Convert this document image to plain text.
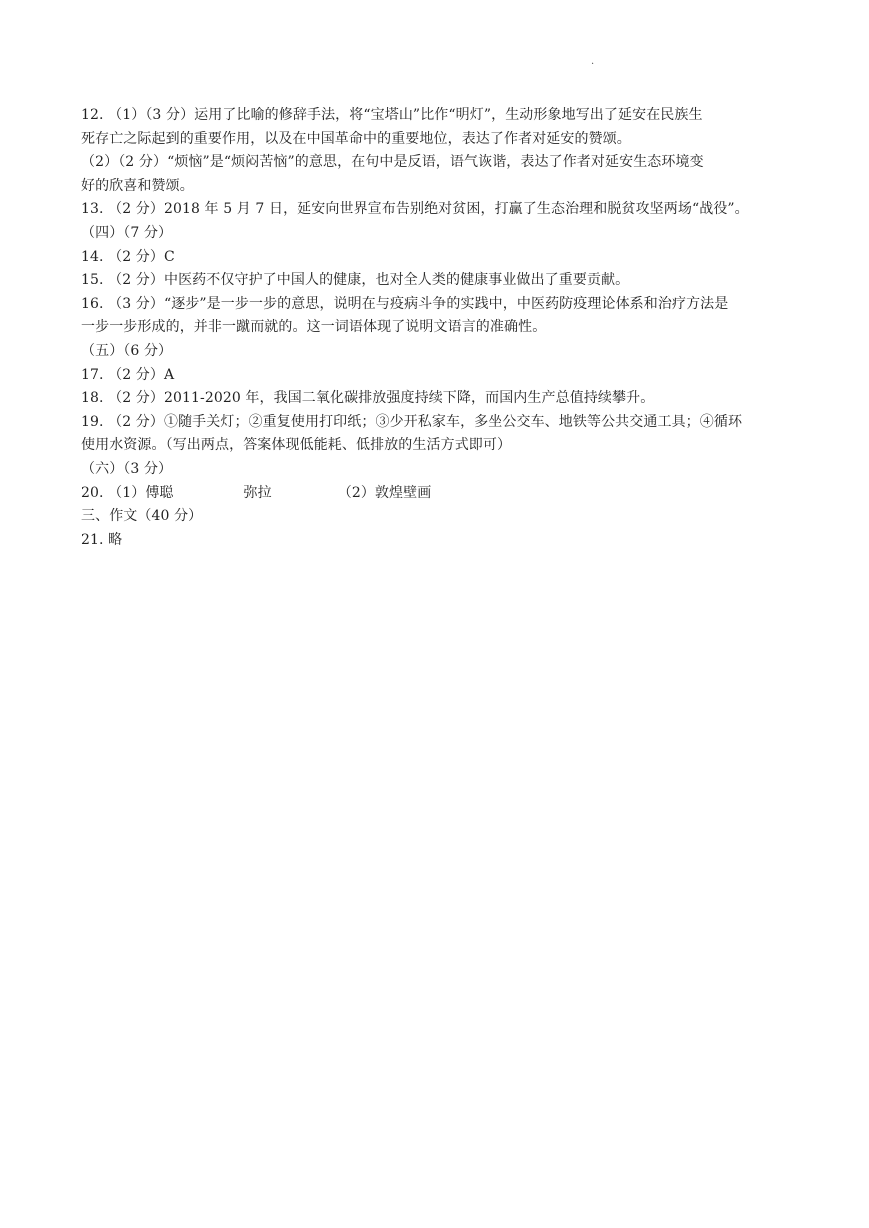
.
12. （1）（3 分）运用了比喻的修辞手法，将“宝塔山”比作“明灯”，生动形象地写出了延安在民族生
死存亡之际起到的重要作用，以及在中国革命中的重要地位，表达了作者对延安的赞颂。
（2）（2 分）“烦恼”是“烦闷苦恼”的意思，在句中是反语，语气诙谐，表达了作者对延安生态环境变
好的欣喜和赞颂。
13. （2 分）2018 年 5 月 7 日，延安向世界宣布告别绝对贫困，打赢了生态治理和脱贫攻坚两场“战役”。
（四）（7 分）
14. （2 分）C
15. （2 分）中医药不仅守护了中国人的健康，也对全人类的健康事业做出了重要贡献。
16. （3 分）“逐步”是一步一步的意思，说明在与疫病斗争的实践中，中医药防疫理论体系和治疗方法是
一步一步形成的，并非一蹴而就的。这一词语体现了说明文语言的准确性。
（五）（6 分）
17. （2 分）A
18. （2 分）2011-2020 年，我国二氧化碳排放强度持续下降，而国内生产总值持续攀升。
19. （2 分）①随手关灯；②重复使用打印纸；③少开私家车，多坐公交车、地铁等公共交通工具；④循环
使用水资源。（写出两点，答案体现低能耗、低排放的生活方式即可）
（六）（3 分）
20. （1）傅聪	弥拉	（2）敦煌壁画
三、作文（40 分）
21. 略
